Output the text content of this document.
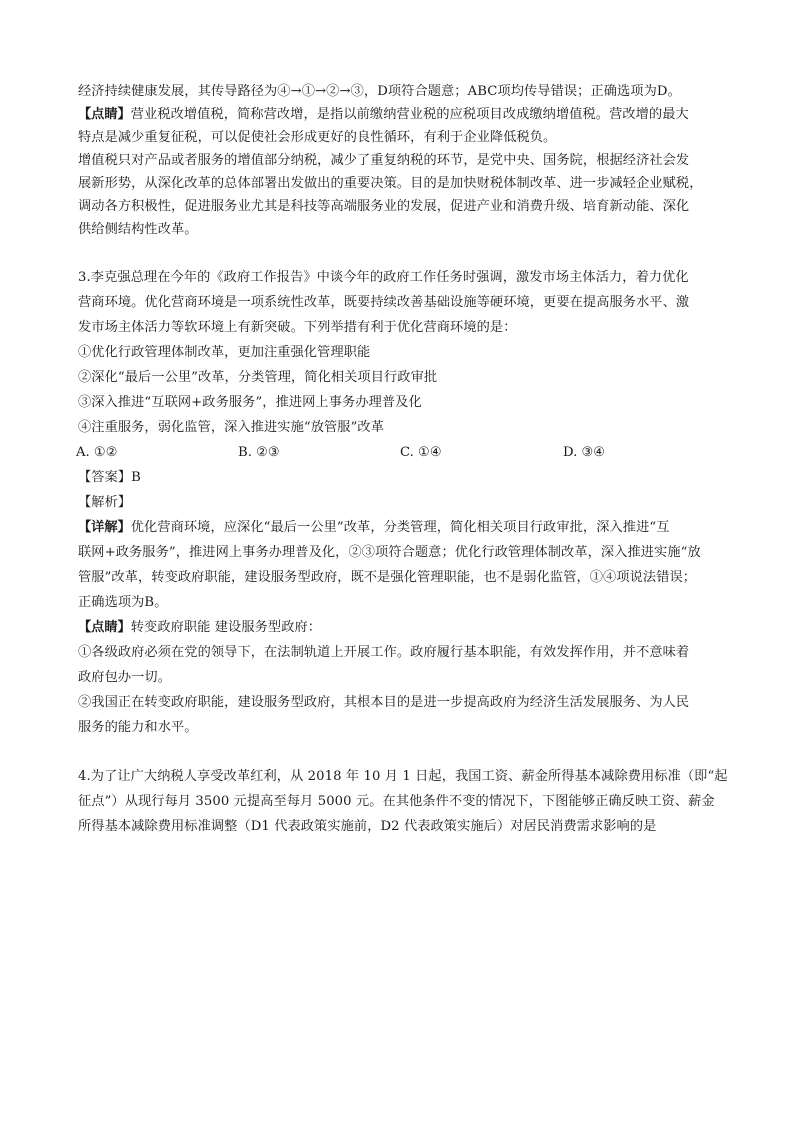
经济持续健康发展，其传导路径为④→①→②→③，D项符合题意；ABC项均传导错误；正确选项为D。

【点睛】营业税改增值税，简称营改增，是指以前缴纳营业税的应税项目改成缴纳增值税。营改增的最大

特点是减少重复征税，可以促使社会形成更好的良性循环，有利于企业降低税负。

增值税只对产品或者服务的增值部分纳税，减少了重复纳税的环节，是党中央、国务院，根据经济社会发

展新形势，从深化改革的总体部署出发做出的重要决策。目的是加快财税体制改革、进一步减轻企业赋税，

调动各方积极性，促进服务业尤其是科技等高端服务业的发展，促进产业和消费升级、培育新动能、深化

供给侧结构性改革。

3.李克强总理在今年的《政府工作报告》中谈今年的政府工作任务时强调，激发市场主体活力，着力优化

营商环境。优化营商环境是一项系统性改革，既要持续改善基础设施等硬环境，更要在提高服务水平、激

发市场主体活力等软环境上有新突破。下列举措有利于优化营商环境的是：

①优化行政管理体制改革，更加注重强化管理职能

②深化“最后一公里”改革，分类管理，简化相关项目行政审批

③深入推进“互联网+政务服务”，推进网上事务办理普及化

④注重服务，弱化监管，深入推进实施“放管服”改革

A. ①②	B. ②③	C. ①④	D. ③④

【答案】B

【解析】

【详解】优化营商环境，应深化“最后一公里”改革，分类管理，简化相关项目行政审批，深入推进“互

联网+政务服务”，推进网上事务办理普及化，②③项符合题意；优化行政管理体制改革，深入推进实施“放

管服”改革，转变政府职能，建设服务型政府，既不是强化管理职能，也不是弱化监管，①④项说法错误；

正确选项为B。

【点睛】转变政府职能 建设服务型政府：

①各级政府必须在党的领导下，在法制轨道上开展工作。政府履行基本职能，有效发挥作用，并不意味着

政府包办一切。

②我国正在转变政府职能，建设服务型政府，其根本目的是进一步提高政府为经济生活发展服务、为人民

服务的能力和水平。

4.为了让广大纳税人享受改革红利，从 2018 年 10 月 1 日起，我国工资、薪金所得基本减除费用标准（即“起

征点”）从现行每月 3500 元提高至每月 5000 元。在其他条件不变的情况下，下图能够正确反映工资、薪金

所得基本减除费用标准调整（D1 代表政策实施前，D2 代表政策实施后）对居民消费需求影响的是
